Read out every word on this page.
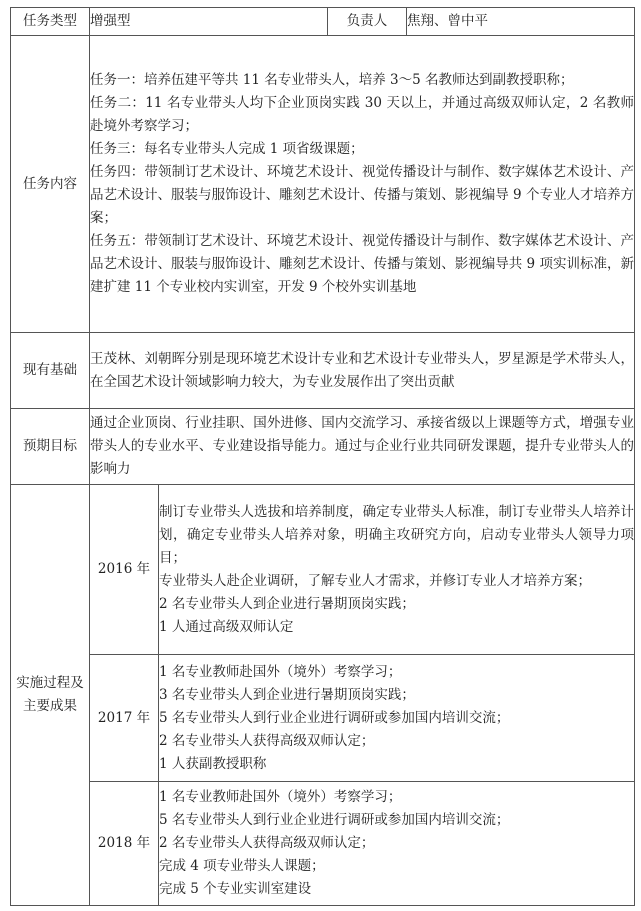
任务类型	增强型		负责人	焦翔、曾中平
任务内容	任务一：培养伍建平等共 11 名专业带头人，培养 3～5 名教师达到副教授职称；
任务二：11 名专业带头人均下企业顶岗实践 30 天以上，并通过高级双师认定，2 名教师赴境外考察学习；
任务三：每名专业带头人完成 1 项省级课题；
任务四：带领制订艺术设计、环境艺术设计、视觉传播设计与制作、数字媒体艺术设计、产品艺术设计、服装与服饰设计、雕刻艺术设计、传播与策划、影视编导 9 个专业人才培养方案；
任务五：带领制订艺术设计、环境艺术设计、视觉传播设计与制作、数字媒体艺术设计、产品艺术设计、服装与服饰设计、雕刻艺术设计、传播与策划、影视编导共 9 项实训标准，新建扩建 11 个专业校内实训室，开发 9 个校外实训基地			

现有基础	王茂林、刘朝晖分别是现环境艺术设计专业和艺术设计专业带头人，罗星源是学术带头人，在全国艺术设计领域影响力较大，为专业发展作出了突出贡献			

预期目标	通过企业顶岗、行业挂职、国外进修、国内交流学习、承接省级以上课题等方式，增强专业带头人的专业水平、专业建设指导能力。通过与企业行业共同研发课题，提升专业带头人的影响力			

实施过程及主要成果	2016 年	制订专业带头人选拔和培养制度，确定专业带头人标准，制订专业带头人培养计划，确定专业带头人培养对象，明确主攻研究方向，启动专业带头人领导力项目；
专业带头人赴企业调研，了解专业人才需求，并修订专业人才培养方案；
2 名专业带头人到企业进行暑期顶岗实践；
1 人通过高级双师认定		

	2017 年	1 名专业教师赴国外（境外）考察学习；
3 名专业带头人到企业进行暑期顶岗实践；
5 名专业带头人到行业企业进行调研或参加国内培训交流；
2 名专业带头人获得高级双师认定；
1 人获副教授职称		

	2018 年	1 名专业教师赴国外（境外）考察学习；
5 名专业带头人到行业企业进行调研或参加国内培训交流；
2 名专业带头人获得高级双师认定；
完成 4 项专业带头人课题；
完成 5 个专业实训室建设		
